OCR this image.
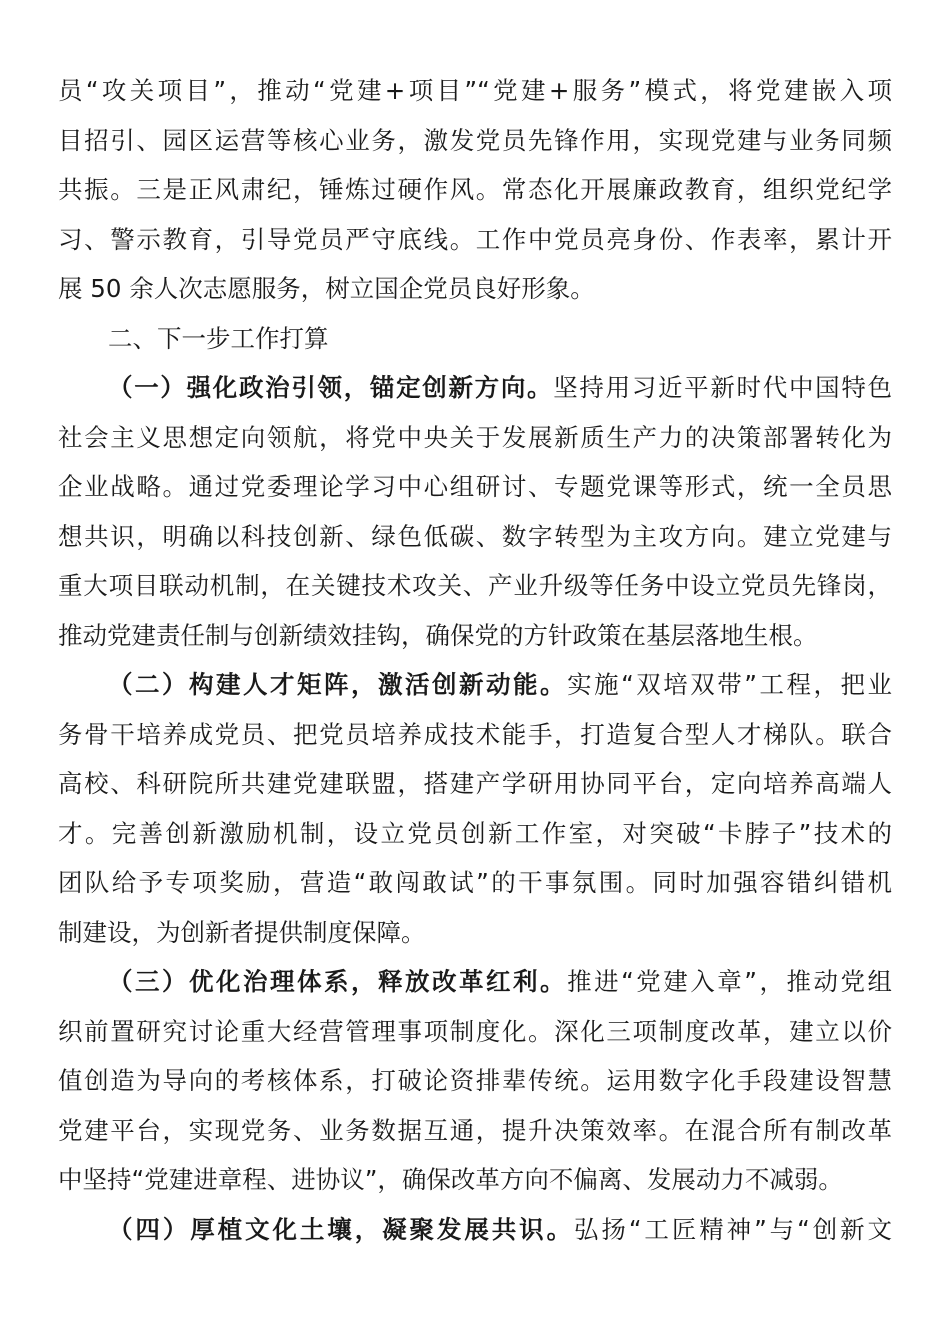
员“攻关项目”，推动“党建+项目”“党建+服务”模式，将党建嵌入项
目招引、园区运营等核心业务，激发党员先锋作用，实现党建与业务同频
共振。三是正风肃纪，锤炼过硬作风。常态化开展廉政教育，组织党纪学
习、警示教育，引导党员严守底线。工作中党员亮身份、作表率，累计开
展 50 余人次志愿服务，树立国企党员良好形象。
二、下一步工作打算
（一）强化政治引领，锚定创新方向。坚持用习近平新时代中国特色
社会主义思想定向领航，将党中央关于发展新质生产力的决策部署转化为
企业战略。通过党委理论学习中心组研讨、专题党课等形式，统一全员思
想共识，明确以科技创新、绿色低碳、数字转型为主攻方向。建立党建与
重大项目联动机制，在关键技术攻关、产业升级等任务中设立党员先锋岗，
推动党建责任制与创新绩效挂钩，确保党的方针政策在基层落地生根。
（二）构建人才矩阵，激活创新动能。实施“双培双带”工程，把业
务骨干培养成党员、把党员培养成技术能手，打造复合型人才梯队。联合
高校、科研院所共建党建联盟，搭建产学研用协同平台，定向培养高端人
才。完善创新激励机制，设立党员创新工作室，对突破“卡脖子”技术的
团队给予专项奖励，营造“敢闯敢试”的干事氛围。同时加强容错纠错机
制建设，为创新者提供制度保障。
（三）优化治理体系，释放改革红利。推进“党建入章”，推动党组
织前置研究讨论重大经营管理事项制度化。深化三项制度改革，建立以价
值创造为导向的考核体系，打破论资排辈传统。运用数字化手段建设智慧
党建平台，实现党务、业务数据互通，提升决策效率。在混合所有制改革
中坚持“党建进章程、进协议”，确保改革方向不偏离、发展动力不减弱。
（四）厚植文化土壤，凝聚发展共识。弘扬“工匠精神”与“创新文
